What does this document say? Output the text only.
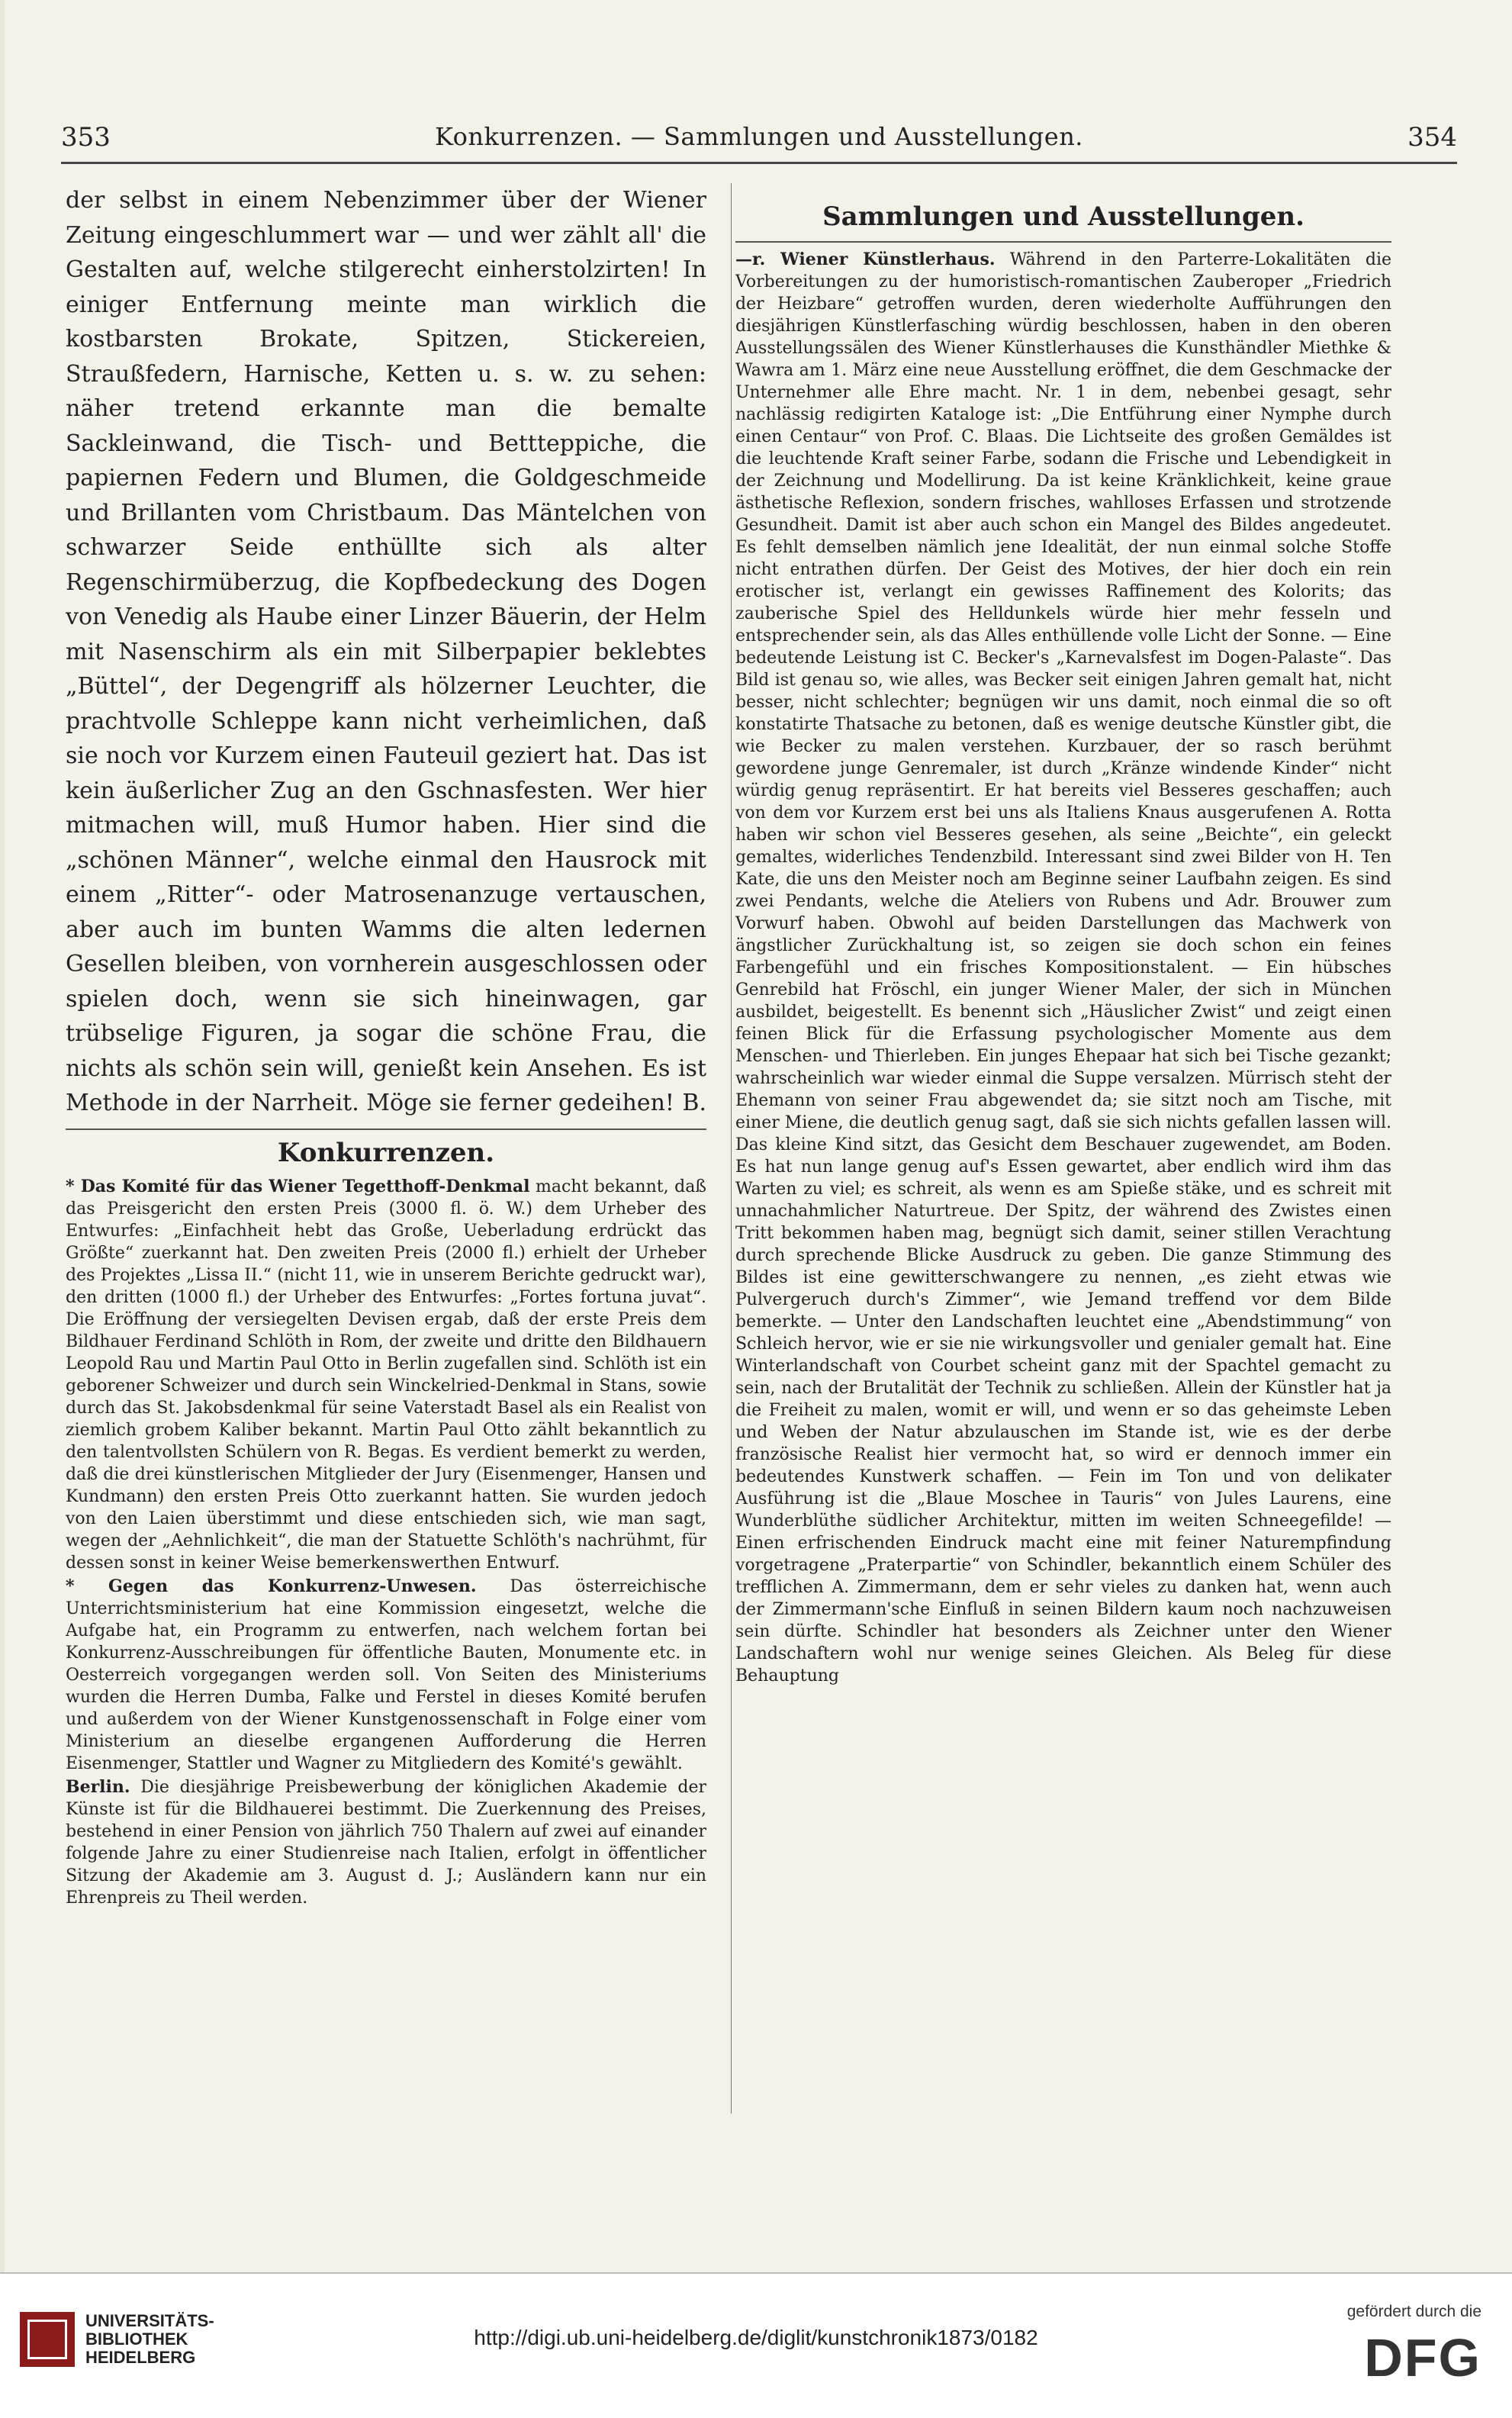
353	Konkurrenzen. — Sammlungen und Ausstellungen.	354

der selbst in einem Nebenzimmer über der Wiener Zeitung eingeschlummert war — und wer zählt all' die Gestalten auf, welche stilgerecht einherstolzirten! In einiger Entfernung meinte man wirklich die kostbarsten Brokate, Spitzen, Stickereien, Straußfedern, Harnische, Ketten u. s. w. zu sehen: näher tretend erkannte man die bemalte Sackleinwand, die Tisch- und Bettteppiche, die papiernen Federn und Blumen, die Goldgeschmeide und Brillanten vom Christbaum. Das Mäntelchen von schwarzer Seide enthüllte sich als alter Regenschirmüberzug, die Kopfbedeckung des Dogen von Venedig als Haube einer Linzer Bäuerin, der Helm mit Nasenschirm als ein mit Silberpapier beklebtes „Büttel“, der Degengriff als hölzerner Leuchter, die prachtvolle Schleppe kann nicht verheimlichen, daß sie noch vor Kurzem einen Fauteuil geziert hat. Das ist kein äußerlicher Zug an den Gschnasfesten. Wer hier mitmachen will, muß Humor haben. Hier sind die „schönen Männer“, welche einmal den Hausrock mit einem „Ritter“- oder Matrosenanzuge vertauschen, aber auch im bunten Wamms die alten ledernen Gesellen bleiben, von vornherein ausgeschlossen oder spielen doch, wenn sie sich hineinwagen, gar trübselige Figuren, ja sogar die schöne Frau, die nichts als schön sein will, genießt kein Ansehen. Es ist Methode in der Narrheit. Möge sie ferner gedeihen! B.

Konkurrenzen.

* Das Komité für das Wiener Tegetthoff-Denkmal macht bekannt, daß das Preisgericht den ersten Preis (3000 fl. ö. W.) dem Urheber des Entwurfes: „Einfachheit hebt das Große, Ueberladung erdrückt das Größte“ zuerkannt hat. Den zweiten Preis (2000 fl.) erhielt der Urheber des Projektes „Lissa II.“ (nicht 11, wie in unserem Berichte gedruckt war), den dritten (1000 fl.) der Urheber des Entwurfes: „Fortes fortuna juvat“. Die Eröffnung der versiegelten Devisen ergab, daß der erste Preis dem Bildhauer Ferdinand Schlöth in Rom, der zweite und dritte den Bildhauern Leopold Rau und Martin Paul Otto in Berlin zugefallen sind. Schlöth ist ein geborener Schweizer und durch sein Winckelried-Denkmal in Stans, sowie durch das St. Jakobsdenkmal für seine Vaterstadt Basel als ein Realist von ziemlich grobem Kaliber bekannt. Martin Paul Otto zählt bekanntlich zu den talentvollsten Schülern von R. Begas. Es verdient bemerkt zu werden, daß die drei künstlerischen Mitglieder der Jury (Eisenmenger, Hansen und Kundmann) den ersten Preis Otto zuerkannt hatten. Sie wurden jedoch von den Laien überstimmt und diese entschieden sich, wie man sagt, wegen der „Aehnlichkeit“, die man der Statuette Schlöth's nachrühmt, für dessen sonst in keiner Weise bemerkenswerthen Entwurf.

* Gegen das Konkurrenz-Unwesen. Das österreichische Unterrichtsministerium hat eine Kommission eingesetzt, welche die Aufgabe hat, ein Programm zu entwerfen, nach welchem fortan bei Konkurrenz-Ausschreibungen für öffentliche Bauten, Monumente etc. in Oesterreich vorgegangen werden soll. Von Seiten des Ministeriums wurden die Herren Dumba, Falke und Ferstel in dieses Komité berufen und außerdem von der Wiener Kunstgenossenschaft in Folge einer vom Ministerium an dieselbe ergangenen Aufforderung die Herren Eisenmenger, Stattler und Wagner zu Mitgliedern des Komité's gewählt.

Berlin. Die diesjährige Preisbewerbung der königlichen Akademie der Künste ist für die Bildhauerei bestimmt. Die Zuerkennung des Preises, bestehend in einer Pension von jährlich 750 Thalern auf zwei auf einander folgende Jahre zu einer Studienreise nach Italien, erfolgt in öffentlicher Sitzung der Akademie am 3. August d. J.; Ausländern kann nur ein Ehrenpreis zu Theil werden.

Sammlungen und Ausstellungen.

—r. Wiener Künstlerhaus. Während in den Parterre-Lokalitäten die Vorbereitungen zu der humoristisch-romantischen Zauberoper „Friedrich der Heizbare“ getroffen wurden, deren wiederholte Aufführungen den diesjährigen Künstlerfasching würdig beschlossen, haben in den oberen Ausstellungssälen des Wiener Künstlerhauses die Kunsthändler Miethke & Wawra am 1. März eine neue Ausstellung eröffnet, die dem Geschmacke der Unternehmer alle Ehre macht. Nr. 1 in dem, nebenbei gesagt, sehr nachlässig redigirten Kataloge ist: „Die Entführung einer Nymphe durch einen Centaur“ von Prof. C. Blaas. Die Lichtseite des großen Gemäldes ist die leuchtende Kraft seiner Farbe, sodann die Frische und Lebendigkeit in der Zeichnung und Modellirung. Da ist keine Kränklichkeit, keine graue ästhetische Reflexion, sondern frisches, wahlloses Erfassen und strotzende Gesundheit. Damit ist aber auch schon ein Mangel des Bildes angedeutet. Es fehlt demselben nämlich jene Idealität, der nun einmal solche Stoffe nicht entrathen dürfen. Der Geist des Motives, der hier doch ein rein erotischer ist, verlangt ein gewisses Raffinement des Kolorits; das zauberische Spiel des Helldunkels würde hier mehr fesseln und entsprechender sein, als das Alles enthüllende volle Licht der Sonne. — Eine bedeutende Leistung ist C. Becker's „Karnevalsfest im Dogen-Palaste“. Das Bild ist genau so, wie alles, was Becker seit einigen Jahren gemalt hat, nicht besser, nicht schlechter; begnügen wir uns damit, noch einmal die so oft konstatirte Thatsache zu betonen, daß es wenige deutsche Künstler gibt, die wie Becker zu malen verstehen. Kurzbauer, der so rasch berühmt gewordene junge Genremaler, ist durch „Kränze windende Kinder“ nicht würdig genug repräsentirt. Er hat bereits viel Besseres geschaffen; auch von dem vor Kurzem erst bei uns als Italiens Knaus ausgerufenen A. Rotta haben wir schon viel Besseres gesehen, als seine „Beichte“, ein geleckt gemaltes, widerliches Tendenzbild. Interessant sind zwei Bilder von H. Ten Kate, die uns den Meister noch am Beginne seiner Laufbahn zeigen. Es sind zwei Pendants, welche die Ateliers von Rubens und Adr. Brouwer zum Vorwurf haben. Obwohl auf beiden Darstellungen das Machwerk von ängstlicher Zurückhaltung ist, so zeigen sie doch schon ein feines Farbengefühl und ein frisches Kompositionstalent. — Ein hübsches Genrebild hat Fröschl, ein junger Wiener Maler, der sich in München ausbildet, beigestellt. Es benennt sich „Häuslicher Zwist“ und zeigt einen feinen Blick für die Erfassung psychologischer Momente aus dem Menschen- und Thierleben. Ein junges Ehepaar hat sich bei Tische gezankt; wahrscheinlich war wieder einmal die Suppe versalzen. Mürrisch steht der Ehemann von seiner Frau abgewendet da; sie sitzt noch am Tische, mit einer Miene, die deutlich genug sagt, daß sie sich nichts gefallen lassen will. Das kleine Kind sitzt, das Gesicht dem Beschauer zugewendet, am Boden. Es hat nun lange genug auf's Essen gewartet, aber endlich wird ihm das Warten zu viel; es schreit, als wenn es am Spieße stäke, und es schreit mit unnachahmlicher Naturtreue. Der Spitz, der während des Zwistes einen Tritt bekommen haben mag, begnügt sich damit, seiner stillen Verachtung durch sprechende Blicke Ausdruck zu geben. Die ganze Stimmung des Bildes ist eine gewitterschwangere zu nennen, „es zieht etwas wie Pulvergeruch durch's Zimmer“, wie Jemand treffend vor dem Bilde bemerkte. — Unter den Landschaften leuchtet eine „Abendstimmung“ von Schleich hervor, wie er sie nie wirkungsvoller und genialer gemalt hat. Eine Winterlandschaft von Courbet scheint ganz mit der Spachtel gemacht zu sein, nach der Brutalität der Technik zu schließen. Allein der Künstler hat ja die Freiheit zu malen, womit er will, und wenn er so das geheimste Leben und Weben der Natur abzulauschen im Stande ist, wie es der derbe französische Realist hier vermocht hat, so wird er dennoch immer ein bedeutendes Kunstwerk schaffen. — Fein im Ton und von delikater Ausführung ist die „Blaue Moschee in Tauris“ von Jules Laurens, eine Wunderblüthe südlicher Architektur, mitten im weiten Schneegefilde! — Einen erfrischenden Eindruck macht eine mit feiner Naturempfindung vorgetragene „Praterpartie“ von Schindler, bekanntlich einem Schüler des trefflichen A. Zimmermann, dem er sehr vieles zu danken hat, wenn auch der Zimmermann'sche Einfluß in seinen Bildern kaum noch nachzuweisen sein dürfte. Schindler hat besonders als Zeichner unter den Wiener Landschaftern wohl nur wenige seines Gleichen. Als Beleg für diese Behauptung

UNIVERSITÄTS-
BIBLIOTHEK
HEIDELBERG
http://digi.ub.uni-heidelberg.de/diglit/kunstchronik1873/0182
gefördert durch die
DFG
